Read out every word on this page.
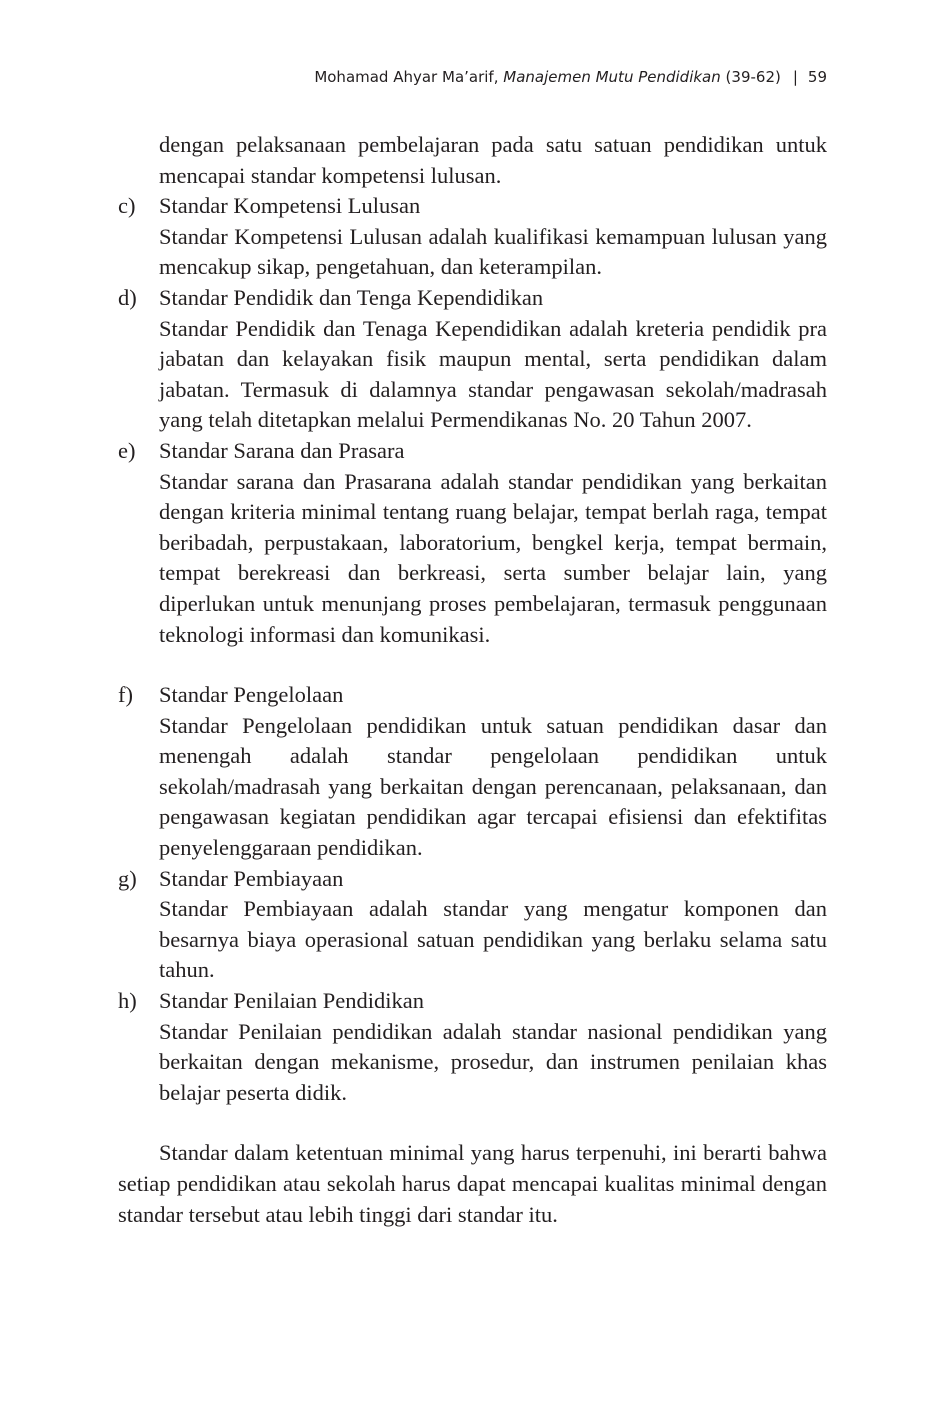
Mohamad Ahyar Ma’arif, Manajemen Mutu Pendidikan (39-62) | 59
dengan pelaksanaan pembelajaran pada satu satuan pendidikan untuk mencapai standar kompetensi lulusan.
c) Standar Kompetensi Lulusan
Standar Kompetensi Lulusan adalah kualifikasi kemampuan lulusan yang mencakup sikap, pengetahuan, dan keterampilan.
d) Standar Pendidik dan Tenga Kependidikan
Standar Pendidik dan Tenaga Kependidikan adalah kreteria pendidik pra jabatan dan kelayakan fisik maupun mental, serta pendidikan dalam jabatan. Termasuk di dalamnya standar pengawasan sekolah/madrasah yang telah ditetapkan melalui Permendikanas No. 20 Tahun 2007.
e) Standar Sarana dan Prasara
Standar sarana dan Prasarana adalah standar pendidikan yang berkaitan dengan kriteria minimal tentang ruang belajar, tempat berlah raga, tempat beribadah, perpustakaan, laboratorium, bengkel kerja, tempat bermain, tempat berekreasi dan berkreasi, serta sumber belajar lain, yang diperlukan untuk menunjang proses pembelajaran, termasuk penggunaan teknologi informasi dan komunikasi.
f) Standar Pengelolaan
Standar Pengelolaan pendidikan untuk satuan pendidikan dasar dan menengah adalah standar pengelolaan pendidikan untuk sekolah/madrasah yang berkaitan dengan perencanaan, pelaksanaan, dan pengawasan kegiatan pendidikan agar tercapai efisiensi dan efektifitas penyelenggaraan pendidikan.
g) Standar Pembiayaan
Standar Pembiayaan adalah standar yang mengatur komponen dan besarnya biaya operasional satuan pendidikan yang berlaku selama satu tahun.
h) Standar Penilaian Pendidikan
Standar Penilaian pendidikan adalah standar nasional pendidikan yang berkaitan dengan mekanisme, prosedur, dan instrumen penilaian khas belajar peserta didik.

Standar dalam ketentuan minimal yang harus terpenuhi, ini berarti bahwa setiap pendidikan atau sekolah harus dapat mencapai kualitas minimal dengan standar tersebut atau lebih tinggi dari standar itu.
